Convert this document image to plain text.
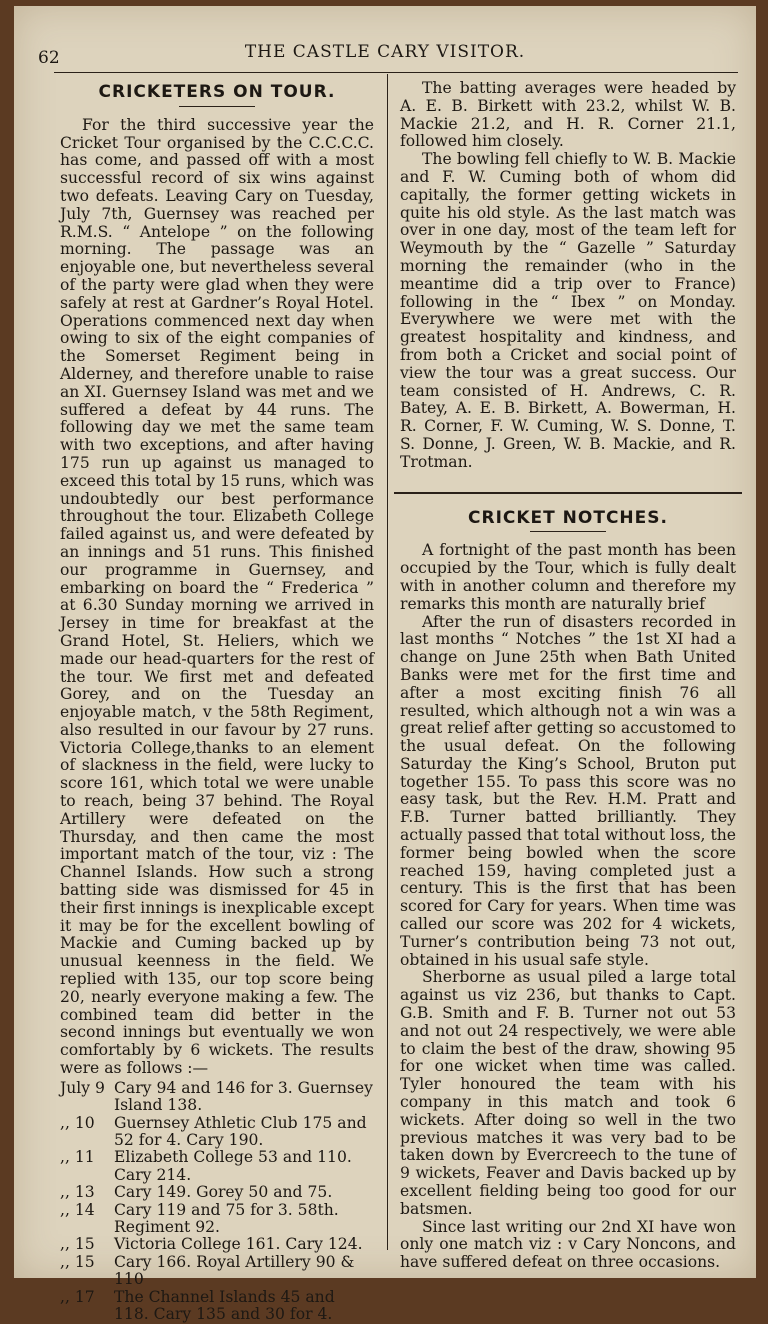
62	THE CASTLE CARY VISITOR.
CRICKETERS ON TOUR.

For the third successive year the Cricket Tour organised by the C.C.C.C. has come, and passed off with a most successful record of six wins against two defeats. Leaving Cary on Tuesday, July 7th, Guernsey was reached per R.M.S. “ Antelope ” on the following morning. The passage was an enjoyable one, but nevertheless several of the party were glad when they were safely at rest at Gardner’s Royal Hotel. Operations commenced next day when owing to six of the eight companies of the Somerset Regiment being in Alderney, and therefore unable to raise an XI. Guernsey Island was met and we suffered a defeat by 44 runs. The following day we met the same team with two exceptions, and after having 175 run up against us managed to exceed this total by 15 runs, which was undoubtedly our best performance throughout the tour. Elizabeth College failed against us, and were defeated by an innings and 51 runs. This finished our programme in Guernsey, and embarking on board the “ Frederica ” at 6.30 Sunday morning we arrived in Jersey in time for breakfast at the Grand Hotel, St. Heliers, which we made our head-quarters for the rest of the tour. We first met and defeated Gorey, and on the Tuesday an enjoyable match, v the 58th Regiment, also resulted in our favour by 27 runs. Victoria College,thanks to an element of slackness in the field, were lucky to score 161, which total we were unable to reach, being 37 behind. The Royal Artillery were defeated on the Thursday, and then came the most important match of the tour, viz : The Channel Islands. How such a strong batting side was dismissed for 45 in their first innings is inexplicable except it may be for the excellent bowling of Mackie and Cuming backed up by unusual keenness in the field. We replied with 135, our top score being 20, nearly everyone making a few. The combined team did better in the second innings but eventually we won comfortably by 6 wickets. The results were as follows :—

July 9 Cary 94 and 146 for 3. Guernsey Island 138.
,, 10	Guernsey Athletic Club 175 and 52 for 4. Cary 190.
,, 11	Elizabeth College 53 and 110. Cary 214.
,, 13	Cary 149. Gorey 50 and 75.
,, 14	Cary 119 and 75 for 3. 58th. Regiment 92.
,, 15	Victoria College 161. Cary 124.
,, 15	Cary 166. Royal Artillery 90 & 110
,, 17	The Channel Islands 45 and 118. Cary 135 and 30 for 4.

The batting averages were headed by A. E. B. Birkett with 23.2, whilst W. B. Mackie 21.2, and H. R. Corner 21.1, followed him closely.

The bowling fell chiefly to W. B. Mackie and F. W. Cuming both of whom did capitally, the former getting wickets in quite his old style. As the last match was over in one day, most of the team left for Weymouth by the “ Gazelle ” Saturday morning the remainder (who in the meantime did a trip over to France) following in the “ Ibex ” on Monday. Everywhere we were met with the greatest hospitality and kindness, and from both a Cricket and social point of view the tour was a great success. Our team consisted of H. Andrews, C. R. Batey, A. E. B. Birkett, A. Bowerman, H. R. Corner, F. W. Cuming, W. S. Donne, T. S. Donne, J. Green, W. B. Mackie, and R. Trotman.

CRICKET NOTCHES.

A fortnight of the past month has been occupied by the Tour, which is fully dealt with in another column and therefore my remarks this month are naturally brief

After the run of disasters recorded in last months “ Notches ” the 1st XI had a change on June 25th when Bath United Banks were met for the first time and after a most exciting finish 76 all resulted, which although not a win was a great relief after getting so accustomed to the usual defeat. On the following Saturday the King’s School, Bruton put together 155. To pass this score was no easy task, but the Rev. H.M. Pratt and F.B. Turner batted brilliantly. They actually passed that total without loss, the former being bowled when the score reached 159, having completed just a century. This is the first that has been scored for Cary for years. When time was called our score was 202 for 4 wickets, Turner’s contribution being 73 not out, obtained in his usual safe style.

Sherborne as usual piled a large total against us viz 236, but thanks to Capt. G.B. Smith and F. B. Turner not out 53 and not out 24 respectively, we were able to claim the best of the draw, showing 95 for one wicket when time was called. Tyler honoured the team with his company in this match and took 6 wickets. After doing so well in the two previous matches it was very bad to be taken down by Evercreech to the tune of 9 wickets, Feaver and Davis backed up by excellent fielding being too good for our batsmen.

Since last writing our 2nd XI have won only one match viz : v Cary Noncons, and have suffered defeat on three occasions.
